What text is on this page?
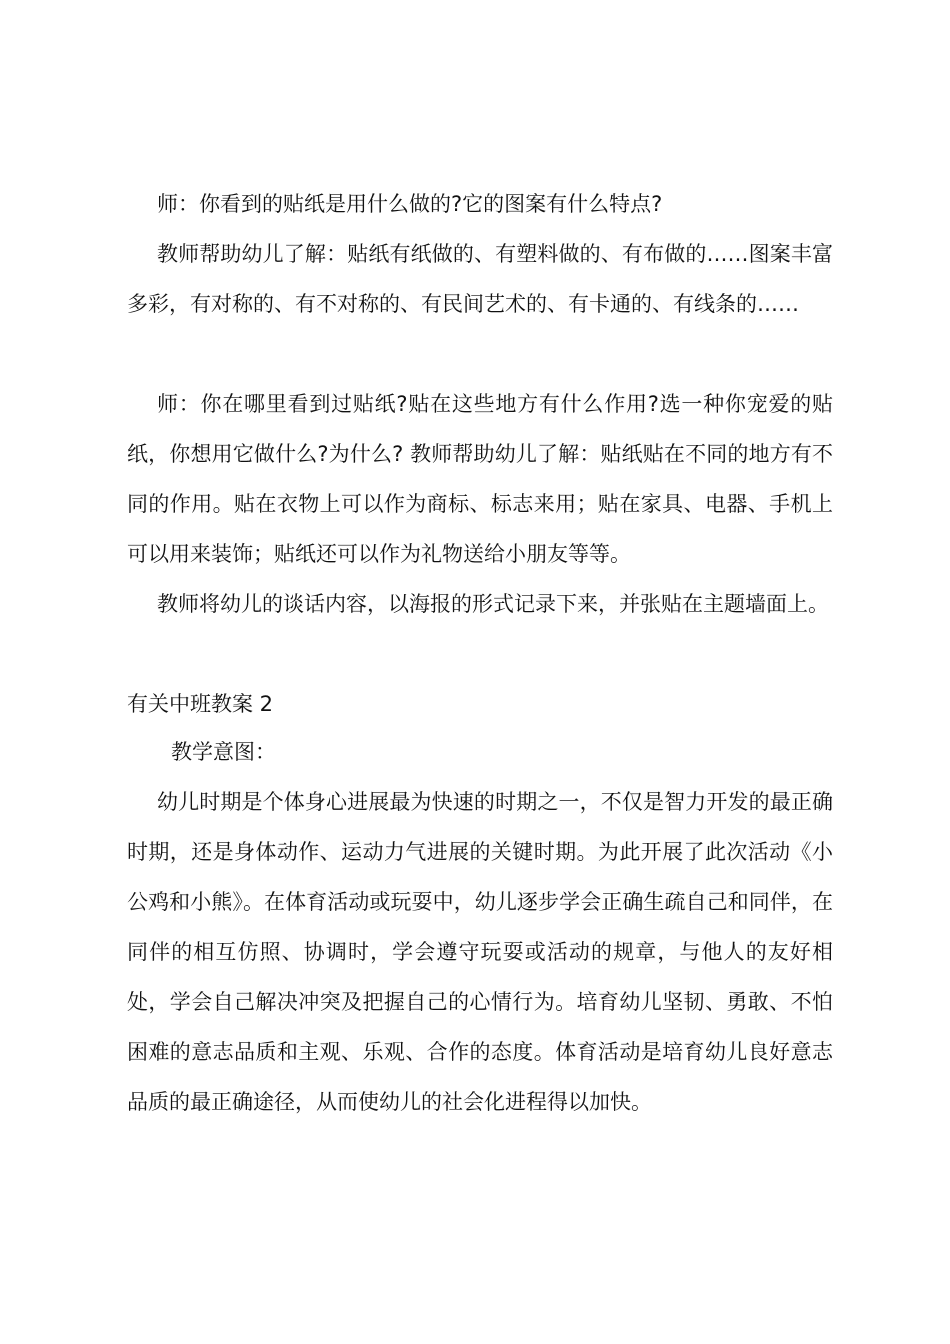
师：你看到的贴纸是用什么做的?它的图案有什么特点?

教师帮助幼儿了解：贴纸有纸做的、有塑料做的、有布做的……图案丰富多彩，有对称的、有不对称的、有民间艺术的、有卡通的、有线条的……

师：你在哪里看到过贴纸?贴在这些地方有什么作用?选一种你宠爱的贴纸，你想用它做什么?为什么? 教师帮助幼儿了解：贴纸贴在不同的地方有不同的作用。贴在衣物上可以作为商标、标志来用；贴在家具、电器、手机上可以用来装饰；贴纸还可以作为礼物送给小朋友等等。

教师将幼儿的谈话内容，以海报的形式记录下来，并张贴在主题墙面上。

有关中班教案 2

教学意图：

幼儿时期是个体身心进展最为快速的时期之一，不仅是智力开发的最正确时期，还是身体动作、运动力气进展的关键时期。为此开展了此次活动《小公鸡和小熊》。在体育活动或玩耍中，幼儿逐步学会正确生疏自己和同伴，在同伴的相互仿照、协调时，学会遵守玩耍或活动的规章，与他人的友好相处，学会自己解决冲突及把握自己的心情行为。培育幼儿坚韧、勇敢、不怕困难的意志品质和主观、乐观、合作的态度。体育活动是培育幼儿良好意志品质的最正确途径，从而使幼儿的社会化进程得以加快。
